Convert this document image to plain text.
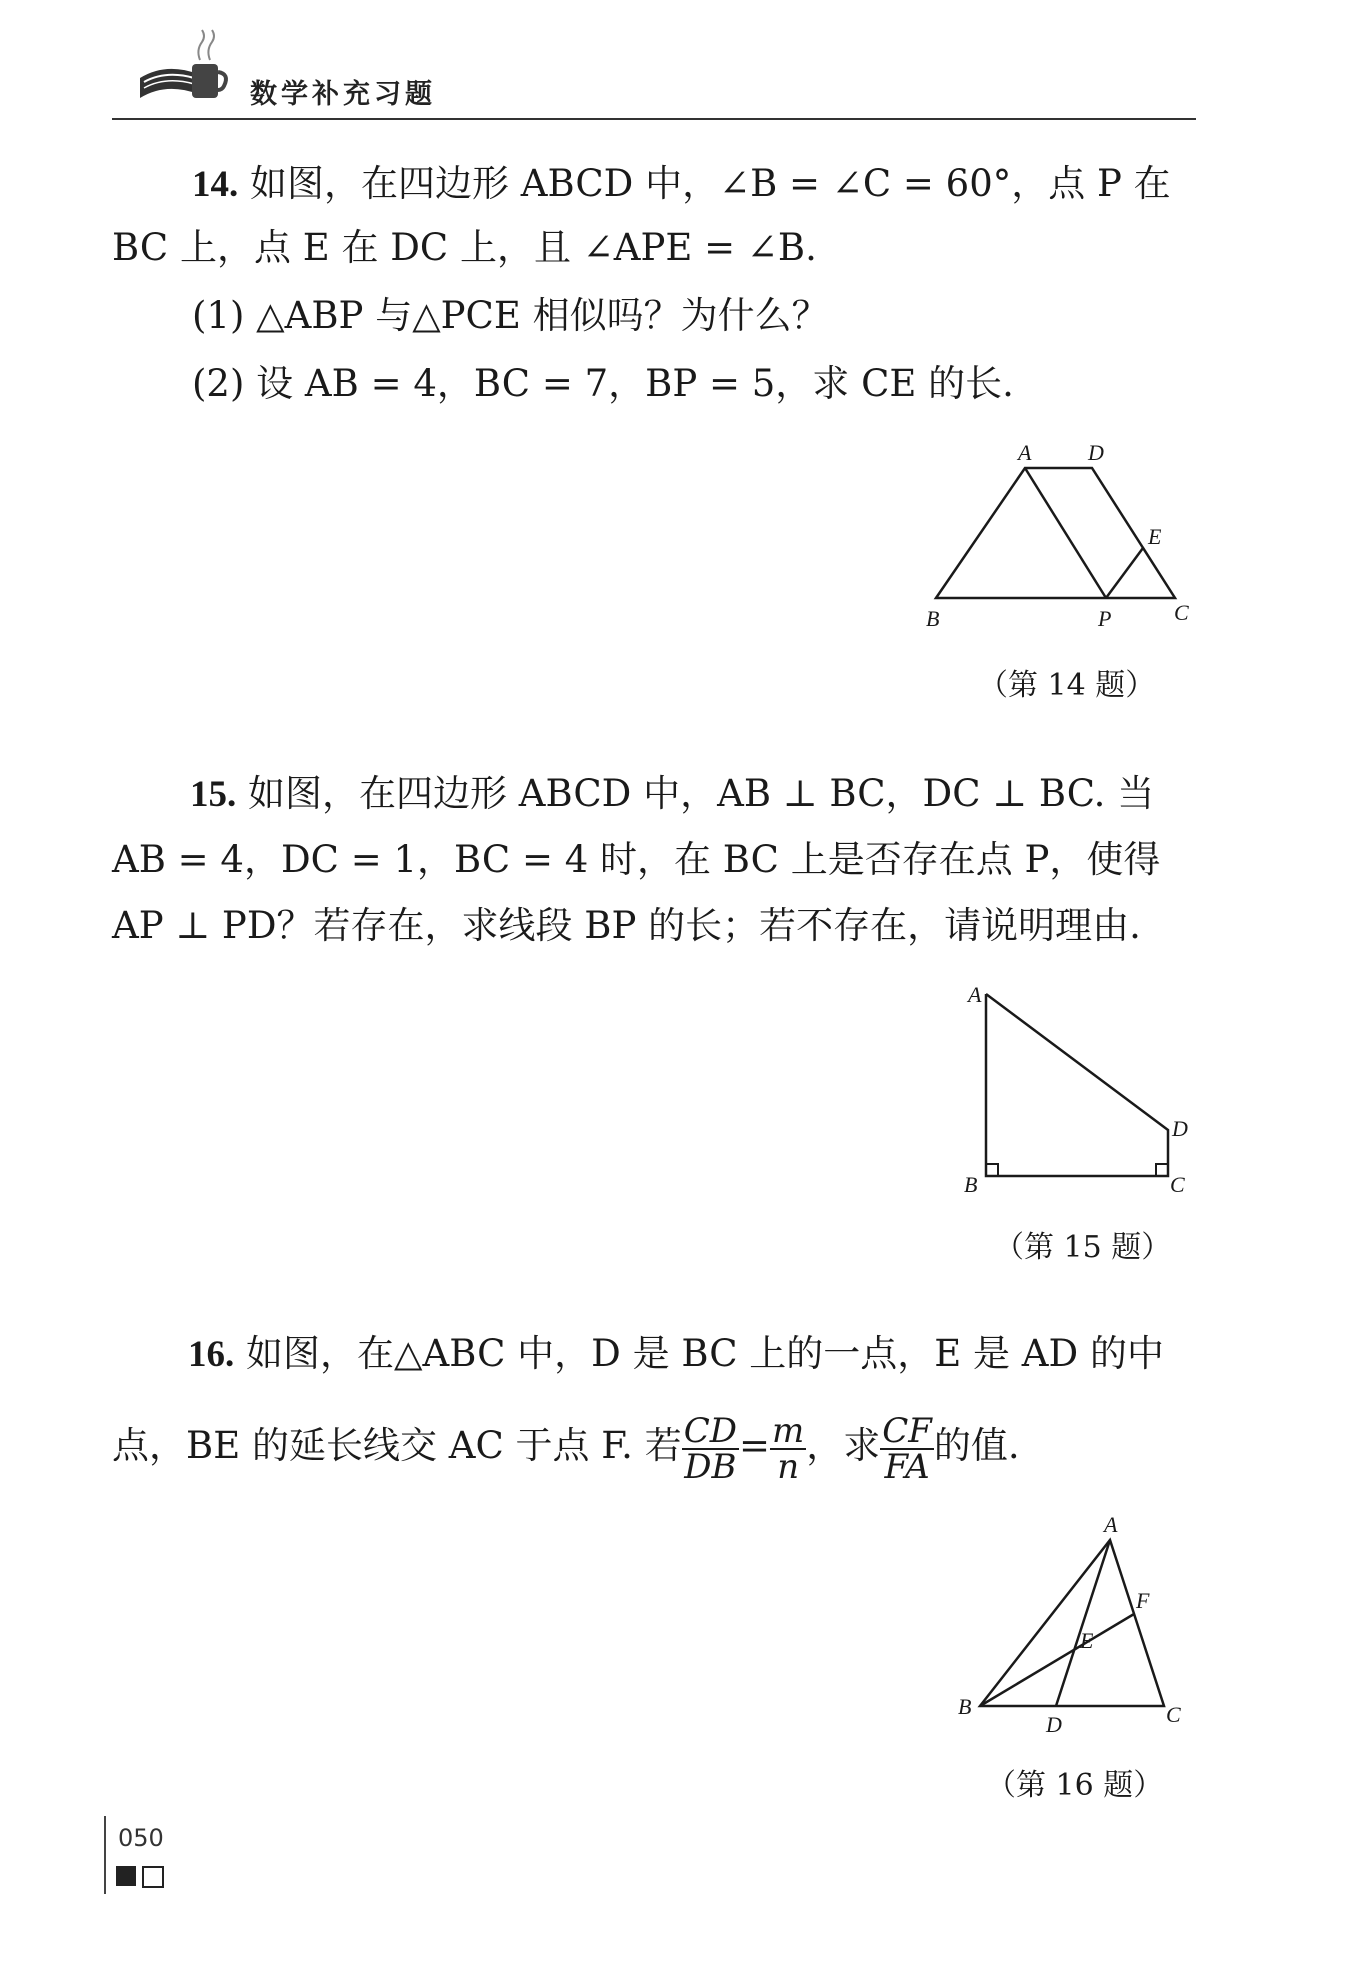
数学补充习题
14. 如图，在四边形 ABCD 中，∠B = ∠C = 60°，点 P 在
BC 上，点 E 在 DC 上，且 ∠APE = ∠B.
(1) △ABP 与△PCE 相似吗？为什么？
(2) 设 AB = 4，BC = 7，BP = 5，求 CE 的长.
A	D
E
B	P	C
（第 14 题）
15. 如图，在四边形 ABCD 中，AB ⊥ BC，DC ⊥ BC. 当
AB = 4，DC = 1，BC = 4 时，在 BC 上是否存在点 P，使得
AP ⊥ PD？若存在，求线段 BP 的长；若不存在，请说明理由.
A
D
B	C
（第 15 题）
16. 如图，在△ABC 中，D 是 BC 上的一点，E 是 AD 的中
点，BE 的延长线交 AC 于点 F. 若 $\frac{CD}{DB} = \frac{m}{n}$ ，求 $\frac{CF}{FA}$ 的值.
A
F
E
B
D	C
（第 16 题）
050
